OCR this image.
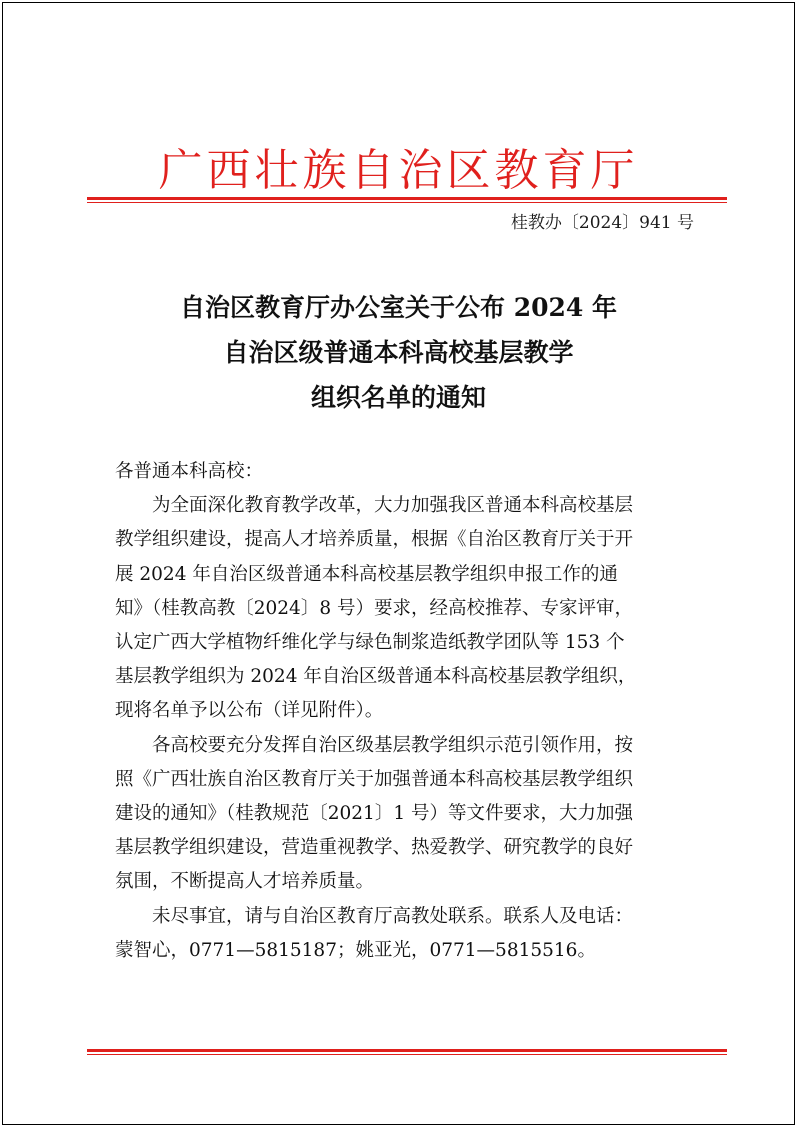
广西壮族自治区教育厅
桂教办〔2024〕941 号
自治区教育厅办公室关于公布 2024 年
自治区级普通本科高校基层教学
组织名单的通知
各普通本科高校：
为全面深化教育教学改革，大力加强我区普通本科高校基层
教学组织建设，提高人才培养质量，根据《自治区教育厅关于开
展 2024 年自治区级普通本科高校基层教学组织申报工作的通
知》（桂教高教〔2024〕8 号）要求，经高校推荐、专家评审，
认定广西大学植物纤维化学与绿色制浆造纸教学团队等 153 个
基层教学组织为 2024 年自治区级普通本科高校基层教学组织，
现将名单予以公布（详见附件）。
各高校要充分发挥自治区级基层教学组织示范引领作用，按
照《广西壮族自治区教育厅关于加强普通本科高校基层教学组织
建设的通知》（桂教规范〔2021〕1 号）等文件要求，大力加强
基层教学组织建设，营造重视教学、热爱教学、研究教学的良好
氛围，不断提高人才培养质量。
未尽事宜，请与自治区教育厅高教处联系。联系人及电话：
蒙智心，0771—5815187；姚亚光，0771—5815516。
